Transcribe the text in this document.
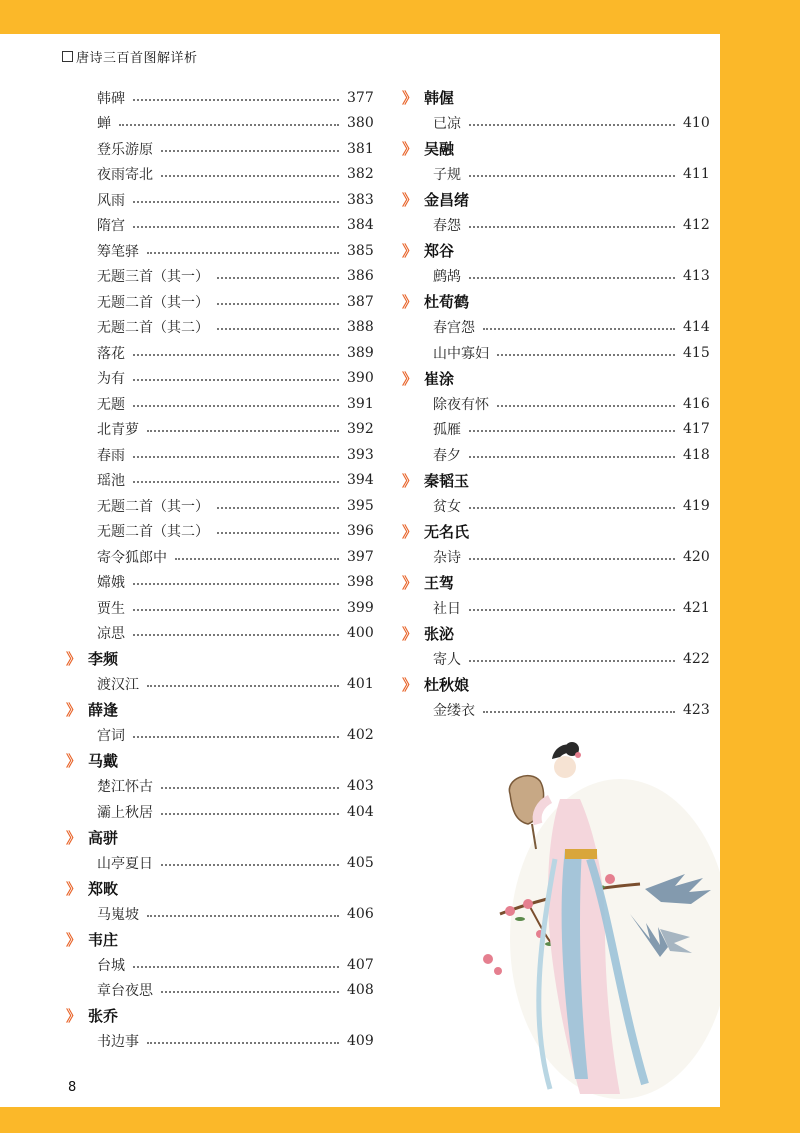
唐诗三百首图解详析
韩碑	377
蝉	380
登乐游原	381
夜雨寄北	382
风雨	383
隋宫	384
筹笔驿	385
无题三首（其一）	386
无题二首（其一）	387
无题二首（其二）	388
落花	389
为有	390
无题	391
北青萝	392
春雨	393
瑶池	394
无题二首（其一）	395
无题二首（其二）	396
寄令狐郎中	397
嫦娥	398
贾生	399
凉思	400
》 李频
渡汉江	401
》 薛逢
宫词	402
》 马戴
楚江怀古	403
灞上秋居	404
》 高骈
山亭夏日	405
》 郑畋
马嵬坡	406
》 韦庄
台城	407
章台夜思	408
》 张乔
书边事	409
》 韩偓
已凉	410
》 吴融
子规	411
》 金昌绪
春怨	412
》 郑谷
鹧鸪	413
》 杜荀鹤
春宫怨	414
山中寡妇	415
》 崔涂
除夜有怀	416
孤雁	417
春夕	418
》 秦韬玉
贫女	419
》 无名氏
杂诗	420
》 王驾
社日	421
》 张泌
寄人	422
》 杜秋娘
金缕衣	423
8
